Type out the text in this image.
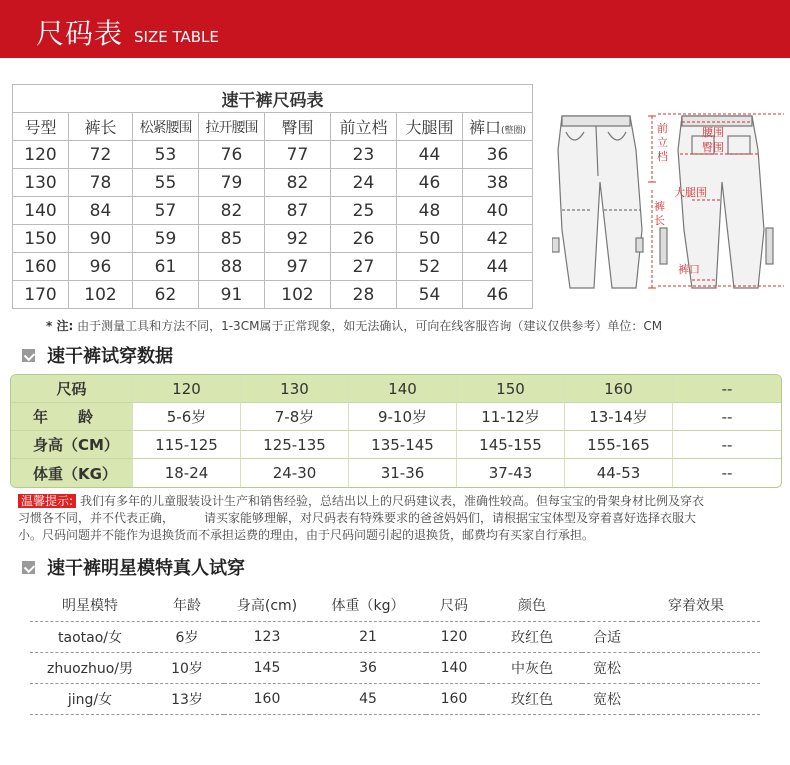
尺码表 SIZE TABLE
速干裤尺码表							
号型	裤长	松紧腰围	拉开腰围	臀围	前立档	大腿围	裤口(整圈)
120	72	53	76	77	23	44	36
130	78	55	79	82	24	46	38
140	84	57	82	87	25	48	40
150	90	59	85	92	26	50	42
160	96	61	88	97	27	52	44
170	102	62	91	102	28	54	46
前
立
档
腰围
臀围
裤
长
大腿围
裤口
* 注: 由于测量工具和方法不同，1-3CM属于正常现象，如无法确认，可向在线客服咨询（建议仅供参考）单位：CM
速干裤试穿数据
尺码	120	130	140	150	160	--
年　　龄	5-6岁	7-8岁	9-10岁	11-12岁	13-14岁	--
身高（CM）	115-125	125-135	135-145	145-155	155-165	--
体重（KG）	18-24	24-30	31-36	37-43	44-53	--
温馨提示: 我们有多年的儿童服装设计生产和销售经验，总结出以上的尺码建议表，准确性较高。但每宝宝的骨架身材比例及穿衣
习惯各不同，并不代表正确，　　　请买家能够理解，对尺码表有特殊要求的爸爸妈妈们，请根据宝宝体型及穿着喜好选择衣服大
小。尺码问题并不能作为退换货而不承担运费的理由，由于尺码问题引起的退换货，邮费均有买家自行承担。
速干裤明星模特真人试穿
明星模特	年龄	身高(cm)	体重（kg）	尺码	颜色		穿着效果
taotao/女	6岁	123	21	120	玫红色	合适	
zhuozhuo/男	10岁	145	36	140	中灰色	宽松	
jing/女	13岁	160	45	160	玫红色	宽松	
